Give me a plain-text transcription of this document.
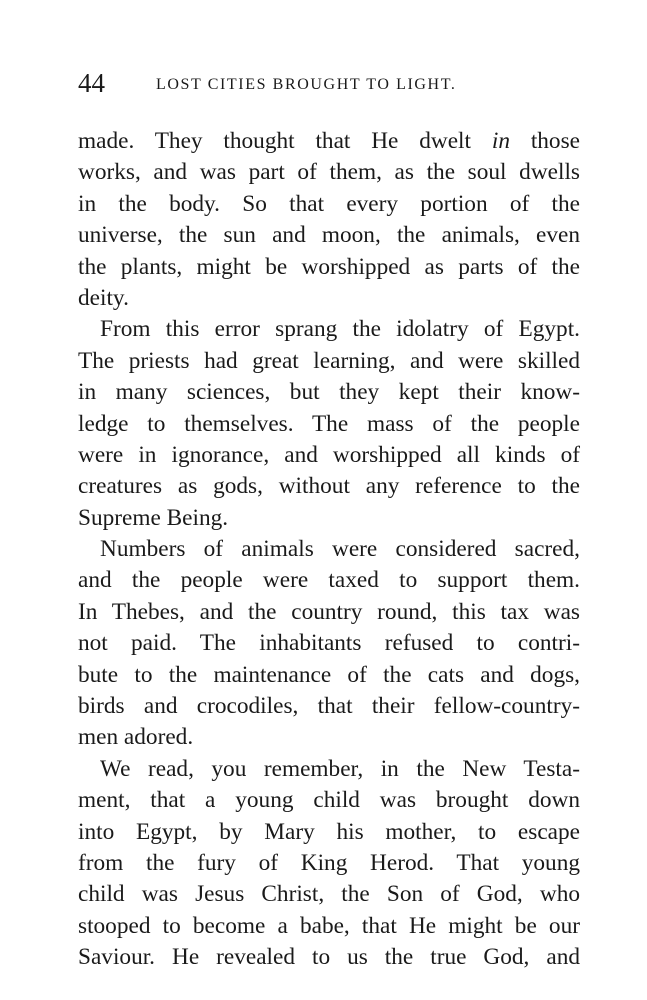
44	LOST CITIES BROUGHT TO LIGHT.
made. They thought that He dwelt in those
works, and was part of them, as the soul dwells
in the body. So that every portion of the
universe, the sun and moon, the animals, even
the plants, might be worshipped as parts of the
deity.
From this error sprang the idolatry of Egypt.
The priests had great learning, and were skilled
in many sciences, but they kept their know-
ledge to themselves. The mass of the people
were in ignorance, and worshipped all kinds of
creatures as gods, without any reference to the
Supreme Being.
Numbers of animals were considered sacred,
and the people were taxed to support them.
In Thebes, and the country round, this tax was
not paid. The inhabitants refused to contri-
bute to the maintenance of the cats and dogs,
birds and crocodiles, that their fellow-country-
men adored.
We read, you remember, in the New Testa-
ment, that a young child was brought down
into Egypt, by Mary his mother, to escape
from the fury of King Herod. That young
child was Jesus Christ, the Son of God, who
stooped to become a babe, that He might be our
Saviour. He revealed to us the true God, and
